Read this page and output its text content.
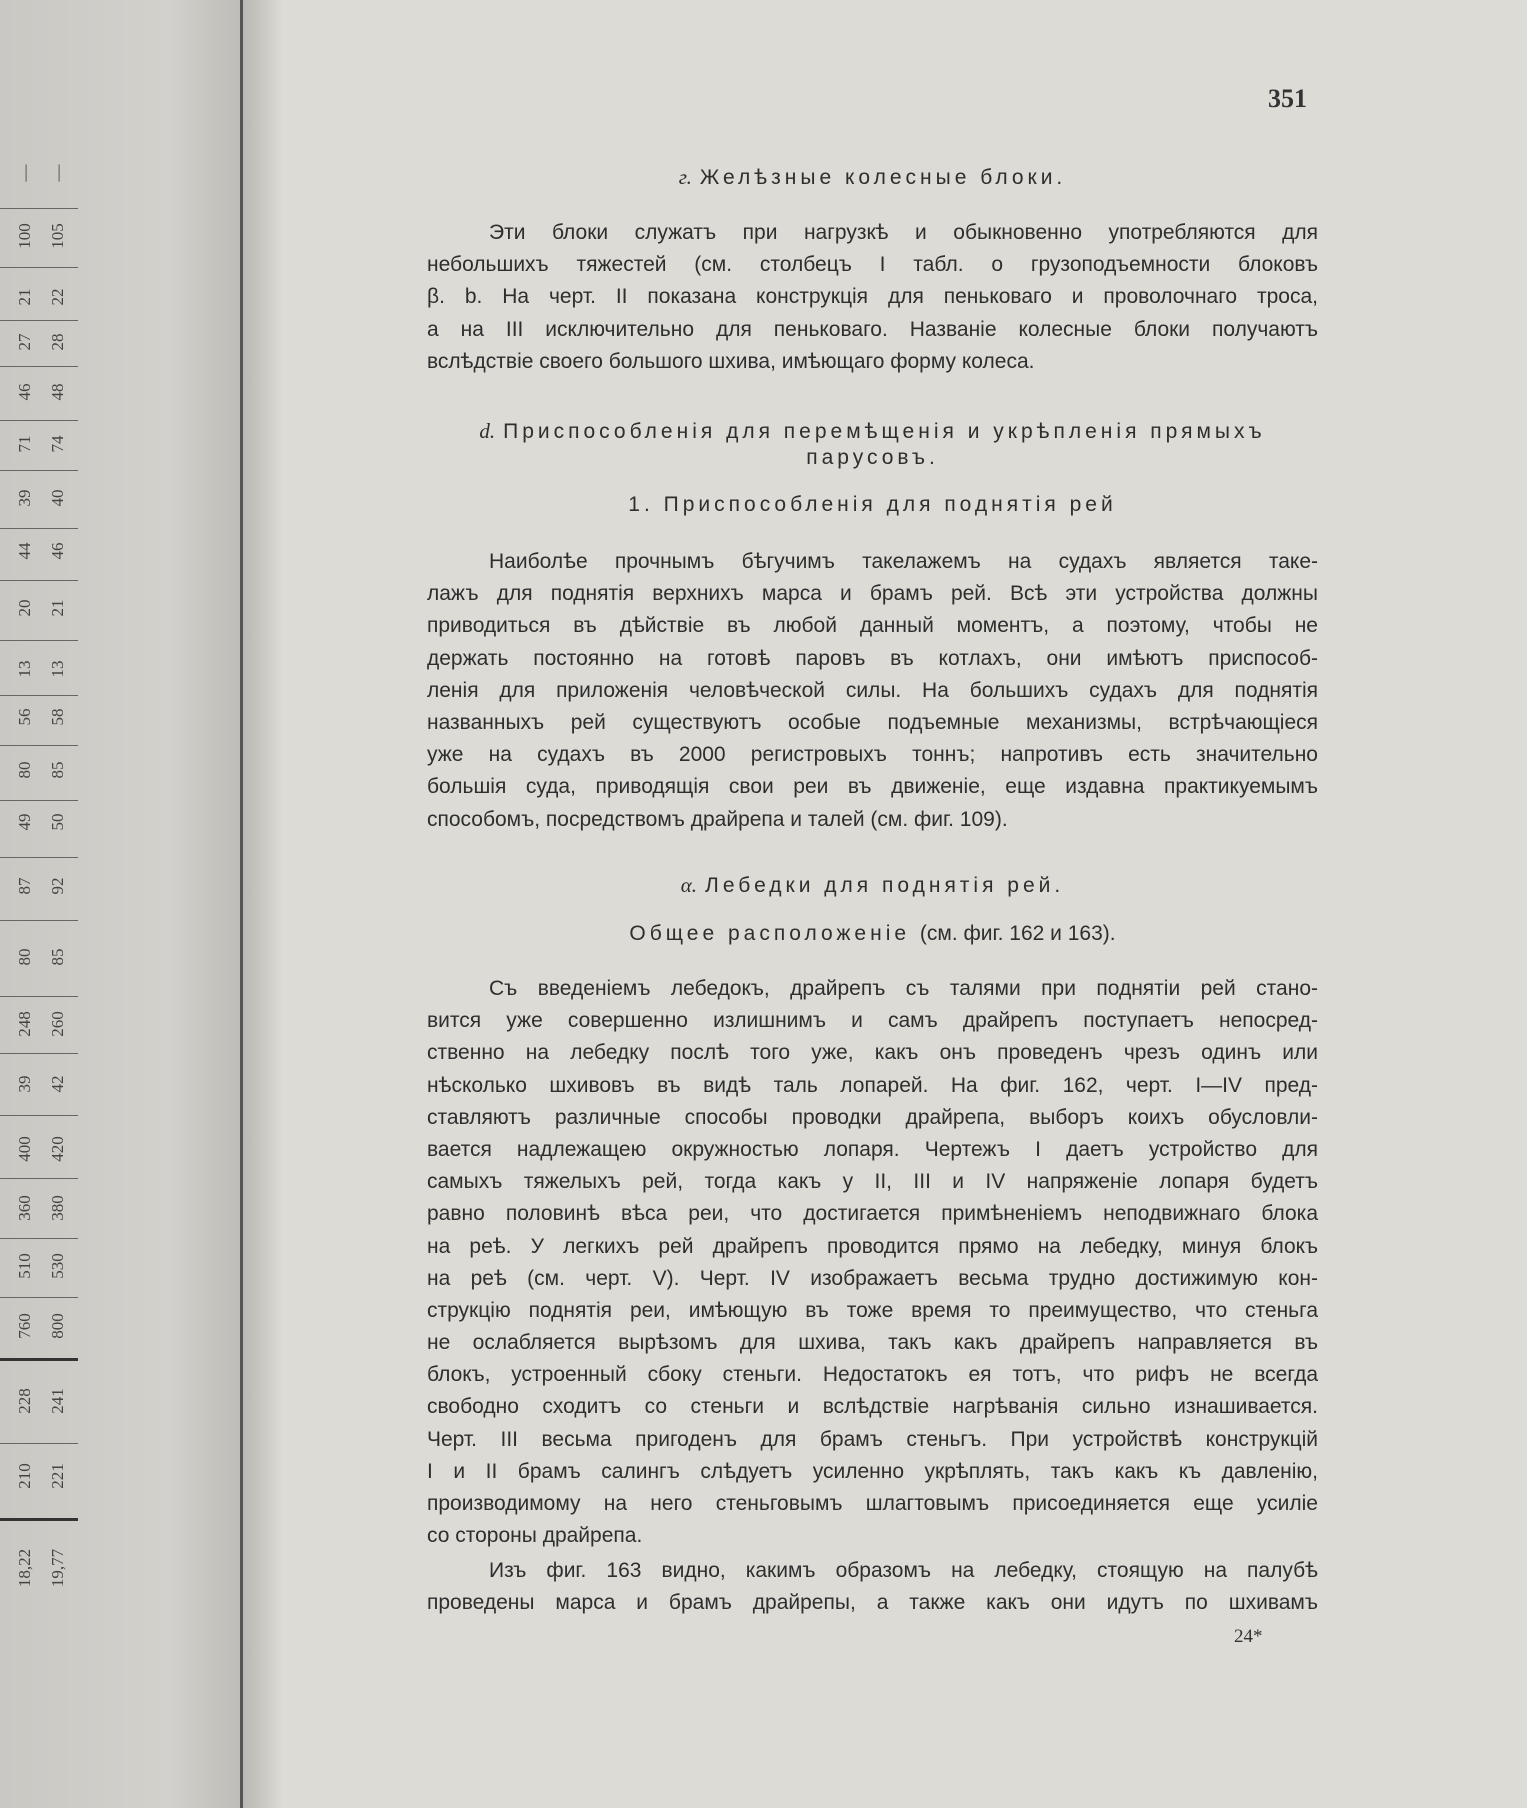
—
100
21
27
46
71
39
44
20
13
56
80
49
87
80
248
39
400
360
510
760
228
210
18,22
—
105
22
28
48
74
40
46
21
13
58
85
50
92
85
260
42
420
380
530
800
241
221
19,77
351
г. Желѣзные колесные блоки.
Эти блоки служатъ при нагрузкѣ и обыкновенно употребляются для
небольшихъ тяжестей (см. столбецъ I табл. о грузоподъемности блоковъ
β. b. На черт. II показана конструкція для пеньковаго и проволочнаго троса,
а на III исключительно для пеньковаго. Названіе колесные блоки получаютъ
вслѣдствіе своего большого шхива, имѣющаго форму колеса.
d. Приспособленія для перемѣщенія и укрѣпленія прямыхъ
парусовъ.
1. Приспособленія для поднятія рей
Наиболѣе прочнымъ бѣгучимъ такелажемъ на судахъ является таке-
лажъ для поднятія верхнихъ марса и брамъ рей. Всѣ эти устройства должны
приводиться въ дѣйствіе въ любой данный моментъ, а поэтому, чтобы не
держать постоянно на готовѣ паровъ въ котлахъ, они имѣютъ приспособ-
ленія для приложенія человѣческой силы. На большихъ судахъ для поднятія
названныхъ рей существуютъ особые подъемные механизмы, встрѣчающіеся
уже на судахъ въ 2000 регистровыхъ тоннъ; напротивъ есть значительно
большія суда, приводящія свои реи въ движеніе, еще издавна практикуемымъ
способомъ, посредствомъ драйрепа и талей (см. фиг. 109).
α. Лебедки для поднятія рей.
Общее расположеніе (см. фиг. 162 и 163).
Съ введеніемъ лебедокъ, драйрепъ съ талями при поднятіи рей стано-
вится уже совершенно излишнимъ и самъ драйрепъ поступаетъ непосред-
ственно на лебедку послѣ того уже, какъ онъ проведенъ чрезъ одинъ или
нѣсколько шхивовъ въ видѣ таль лопарей. На фиг. 162, черт. I—IV пред-
ставляютъ различные способы проводки драйрепа, выборъ коихъ обусловли-
вается надлежащею окружностью лопаря. Чертежъ I даетъ устройство для
самыхъ тяжелыхъ рей, тогда какъ у II, III и IV напряженіе лопаря будетъ
равно половинѣ вѣса реи, что достигается примѣненіемъ неподвижнаго блока
на реѣ. У легкихъ рей драйрепъ проводится прямо на лебедку, минуя блокъ
на реѣ (см. черт. V). Черт. IV изображаетъ весьма трудно достижимую кон-
струкцію поднятія реи, имѣющую въ тоже время то преимущество, что стеньга
не ослабляется вырѣзомъ для шхива, такъ какъ драйрепъ направляется въ
блокъ, устроенный сбоку стеньги. Недостатокъ ея тотъ, что рифъ не всегда
свободно сходитъ со стеньги и вслѣдствіе нагрѣванія сильно изнашивается.
Черт. III весьма пригоденъ для брамъ стеньгъ. При устройствѣ конструкцій
I и II брамъ салингъ слѣдуетъ усиленно укрѣплять, такъ какъ къ давленію,
производимому на него стеньговымъ шлагтовымъ присоединяется еще усиліе
со стороны драйрепа.
Изъ фиг. 163 видно, какимъ образомъ на лебедку, стоящую на палубѣ
проведены марса и брамъ драйрепы, а также какъ они идутъ по шхивамъ
24*
